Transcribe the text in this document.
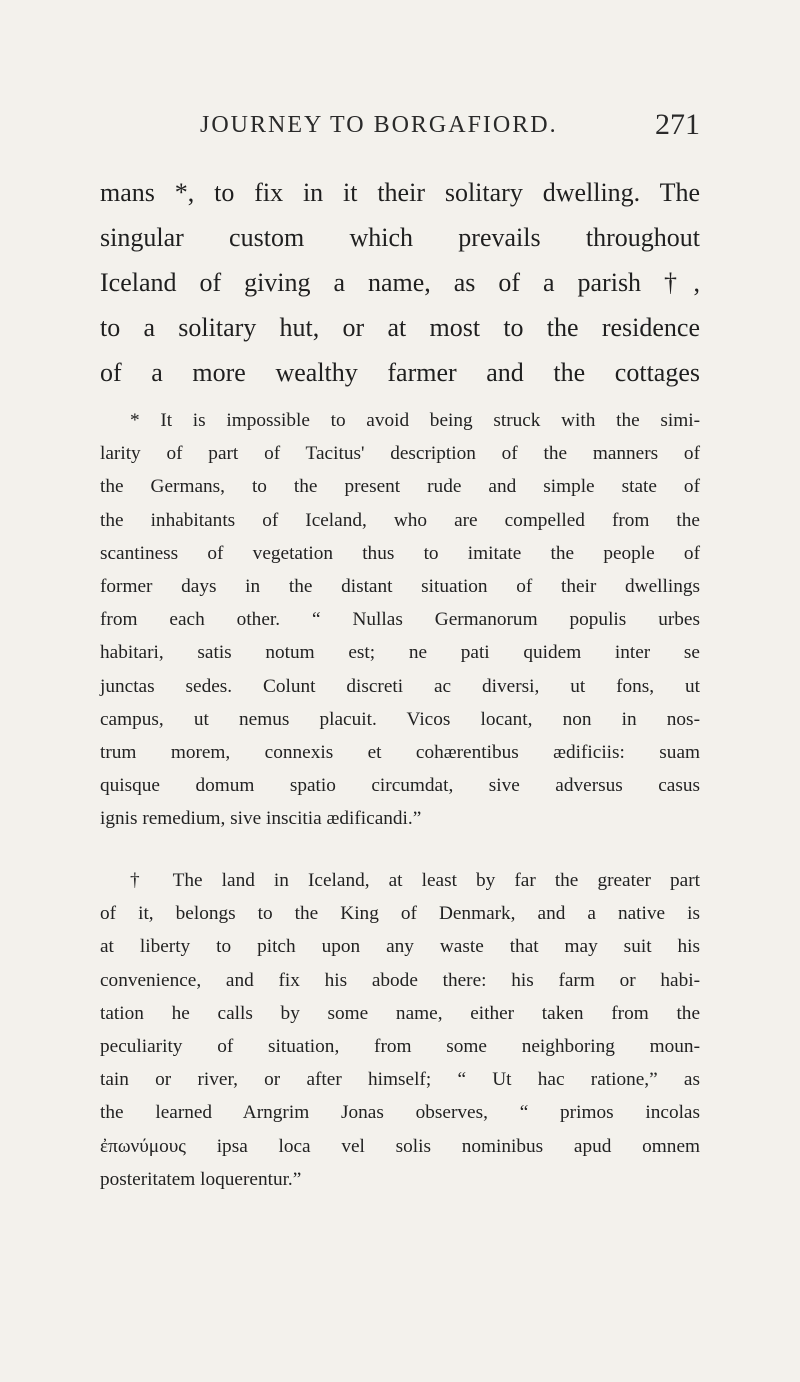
JOURNEY TO BORGAFIORD.	271
mans *, to fix in it their solitary dwelling. The
singular custom which prevails throughout
Iceland of giving a name, as of a parish †,
to a solitary hut, or at most to the residence
of a more wealthy farmer and the cottages
* It is impossible to avoid being struck with the simi-
larity of part of Tacitus' description of the manners of
the Germans, to the present rude and simple state of
the inhabitants of Iceland, who are compelled from the
scantiness of vegetation thus to imitate the people of
former days in the distant situation of their dwellings
from each other. “ Nullas Germanorum populis urbes
habitari, satis notum est; ne pati quidem inter se
junctas sedes. Colunt discreti ac diversi, ut fons, ut
campus, ut nemus placuit. Vicos locant, non in nos-
trum morem, connexis et cohærentibus ædificiis: suam
quisque domum spatio circumdat, sive adversus casus
ignis remedium, sive inscitia ædificandi.”
† The land in Iceland, at least by far the greater part
of it, belongs to the King of Denmark, and a native is
at liberty to pitch upon any waste that may suit his
convenience, and fix his abode there: his farm or habi-
tation he calls by some name, either taken from the
peculiarity of situation, from some neighboring moun-
tain or river, or after himself; “ Ut hac ratione,” as
the learned Arngrim Jonas observes, “ primos incolas
ἐπωνύμους ipsa loca vel solis nominibus apud omnem
posteritatem loquerentur.”
